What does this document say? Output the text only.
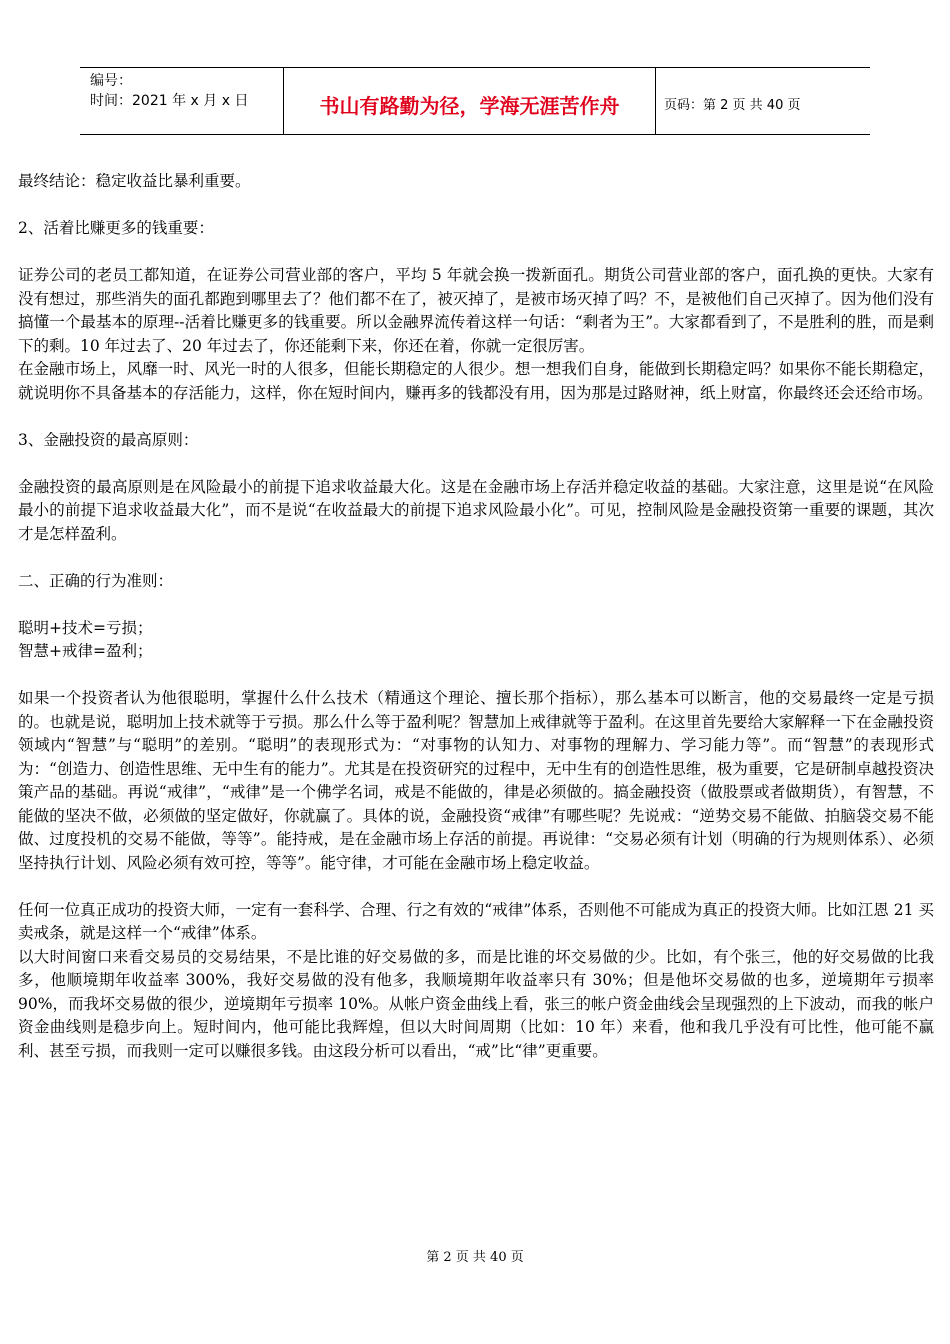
编号：
时间：2021 年 x 月 x 日	书山有路勤为径，学海无涯苦作舟	页码：第 2 页 共 40 页

最终结论：稳定收益比暴利重要。

2、活着比赚更多的钱重要：

证券公司的老员工都知道，在证券公司营业部的客户，平均 5 年就会换一拨新面孔。期货公司营业部的客户，面孔换的更快。大家有没有想过，那些消失的面孔都跑到哪里去了？他们都不在了，被灭掉了，是被市场灭掉了吗？不，是被他们自己灭掉了。因为他们没有搞懂一个最基本的原理--活着比赚更多的钱重要。所以金融界流传着这样一句话：“剩者为王”。大家都看到了，不是胜利的胜，而是剩下的剩。10 年过去了、20 年过去了，你还能剩下来，你还在着，你就一定很厉害。

在金融市场上，风靡一时、风光一时的人很多，但能长期稳定的人很少。想一想我们自身，能做到长期稳定吗？如果你不能长期稳定，就说明你不具备基本的存活能力，这样，你在短时间内，赚再多的钱都没有用，因为那是过路财神，纸上财富，你最终还会还给市场。

3、金融投资的最高原则：

金融投资的最高原则是在风险最小的前提下追求收益最大化。这是在金融市场上存活并稳定收益的基础。大家注意，这里是说“在风险最小的前提下追求收益最大化”，而不是说“在收益最大的前提下追求风险最小化”。可见，控制风险是金融投资第一重要的课题，其次才是怎样盈利。

二、正确的行为准则：

聪明+技术=亏损；

智慧+戒律=盈利；

如果一个投资者认为他很聪明，掌握什么什么技术（精通这个理论、擅长那个指标），那么基本可以断言，他的交易最终一定是亏损的。也就是说，聪明加上技术就等于亏损。那么什么等于盈利呢？智慧加上戒律就等于盈利。在这里首先要给大家解释一下在金融投资领域内“智慧”与“聪明”的差别。“聪明”的表现形式为：“对事物的认知力、对事物的理解力、学习能力等”。而“智慧”的表现形式为：“创造力、创造性思维、无中生有的能力”。尤其是在投资研究的过程中，无中生有的创造性思维，极为重要，它是研制卓越投资决策产品的基础。再说“戒律”，“戒律”是一个佛学名词，戒是不能做的，律是必须做的。搞金融投资（做股票或者做期货），有智慧，不能做的坚决不做，必须做的坚定做好，你就赢了。具体的说，金融投资“戒律”有哪些呢？先说戒：“逆势交易不能做、拍脑袋交易不能做、过度投机的交易不能做，等等”。能持戒，是在金融市场上存活的前提。再说律：“交易必须有计划（明确的行为规则体系）、必须坚持执行计划、风险必须有效可控，等等”。能守律，才可能在金融市场上稳定收益。

任何一位真正成功的投资大师，一定有一套科学、合理、行之有效的“戒律”体系，否则他不可能成为真正的投资大师。比如江恩 21 买卖戒条，就是这样一个“戒律”体系。

以大时间窗口来看交易员的交易结果，不是比谁的好交易做的多，而是比谁的坏交易做的少。比如，有个张三，他的好交易做的比我多，他顺境期年收益率 300%，我好交易做的没有他多，我顺境期年收益率只有 30%；但是他坏交易做的也多，逆境期年亏损率 90%，而我坏交易做的很少，逆境期年亏损率 10%。从帐户资金曲线上看，张三的帐户资金曲线会呈现强烈的上下波动，而我的帐户资金曲线则是稳步向上。短时间内，他可能比我辉煌，但以大时间周期（比如：10 年）来看，他和我几乎没有可比性，他可能不赢利、甚至亏损，而我则一定可以赚很多钱。由这段分析可以看出，“戒”比“律”更重要。

第 2 页 共 40 页
